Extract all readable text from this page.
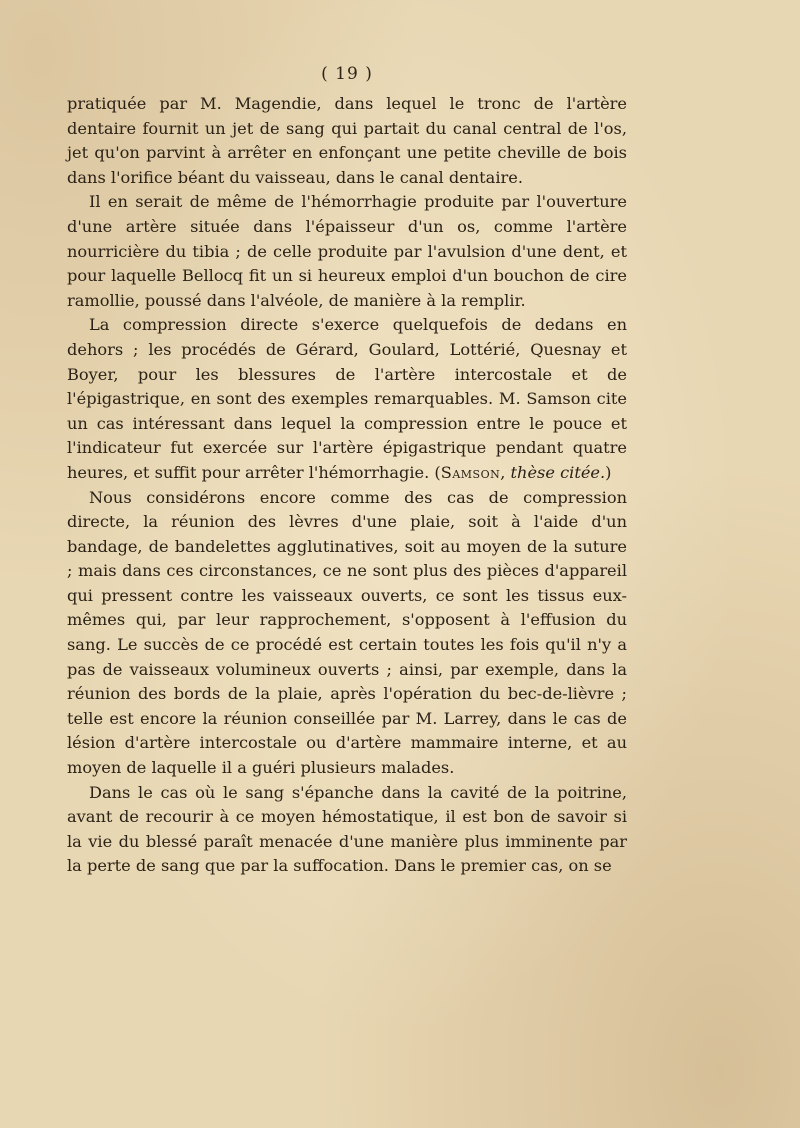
( 19 )

pratiquée par M. Magendie, dans lequel le tronc de l'artère dentaire fournit un jet de sang qui partait du canal central de l'os, jet qu'on parvint à arrêter en enfonçant une petite cheville de bois dans l'orifice béant du vaisseau, dans le canal dentaire.

Il en serait de même de l'hémorrhagie produite par l'ouverture d'une artère située dans l'épaisseur d'un os, comme l'artère nourricière du tibia ; de celle produite par l'avulsion d'une dent, et pour laquelle Bellocq fit un si heureux emploi d'un bouchon de cire ramollie, poussé dans l'alvéole, de manière à la remplir.

La compression directe s'exerce quelquefois de dedans en dehors ; les procédés de Gérard, Goulard, Lottérié, Quesnay et Boyer, pour les blessures de l'artère intercostale et de l'épigastrique, en sont des exemples remarquables. M. Samson cite un cas intéressant dans lequel la compression entre le pouce et l'indicateur fut exercée sur l'artère épigastrique pendant quatre heures, et suffit pour arrêter l'hémorrhagie. (Samson, thèse citée.)

Nous considérons encore comme des cas de compression directe, la réunion des lèvres d'une plaie, soit à l'aide d'un bandage, de bandelettes agglutinatives, soit au moyen de la suture ; mais dans ces circonstances, ce ne sont plus des pièces d'appareil qui pressent contre les vaisseaux ouverts, ce sont les tissus eux-mêmes qui, par leur rapprochement, s'opposent à l'effusion du sang. Le succès de ce procédé est certain toutes les fois qu'il n'y a pas de vaisseaux volumineux ouverts ; ainsi, par exemple, dans la réunion des bords de la plaie, après l'opération du bec-de-lièvre ; telle est encore la réunion conseillée par M. Larrey, dans le cas de lésion d'artère intercostale ou d'artère mammaire interne, et au moyen de laquelle il a guéri plusieurs malades.

Dans le cas où le sang s'épanche dans la cavité de la poitrine, avant de recourir à ce moyen hémostatique, il est bon de savoir si la vie du blessé paraît menacée d'une manière plus imminente par la perte de sang que par la suffocation. Dans le premier cas, on se
